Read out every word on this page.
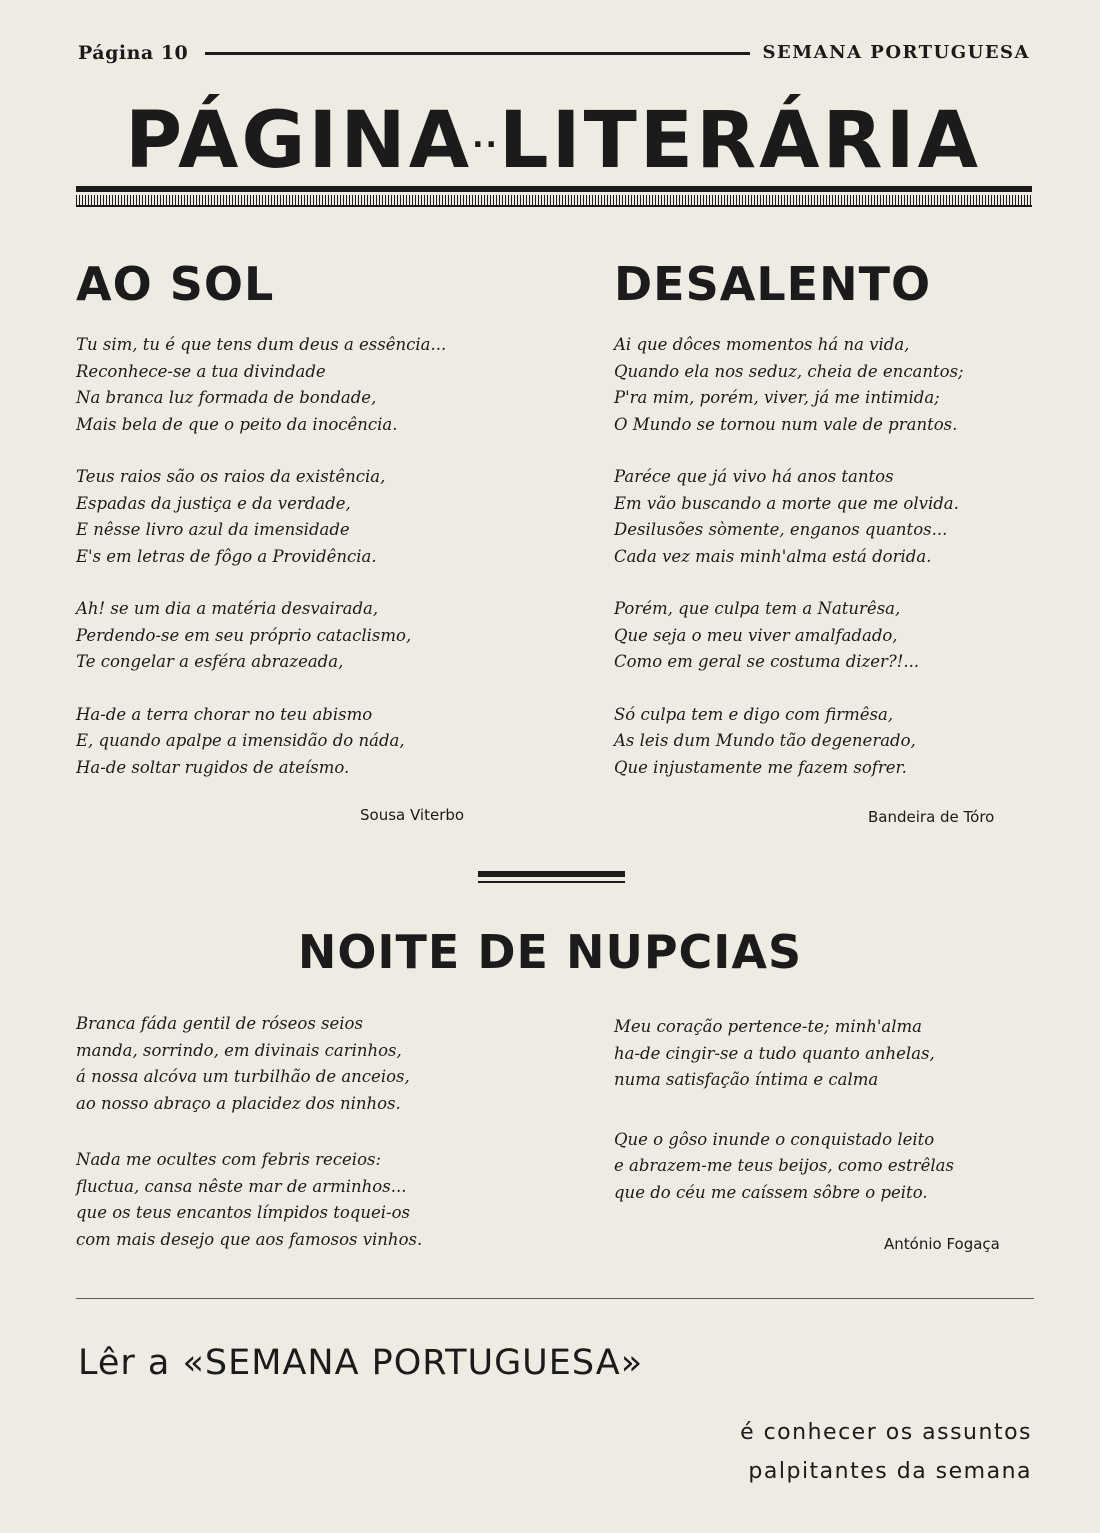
Página 10	SEMANA PORTUGUESA
PÁGINA··LITERÁRIA
AO SOL
Tu sim, tu é que tens dum deus a essência...
Reconhece-se a tua divindade
Na branca luz formada de bondade,
Mais bela de que o peito da inocência.
Teus raios são os raios da existência,
Espadas da justiça e da verdade,
E nêsse livro azul da imensidade
E's em letras de fôgo a Providência.
Ah! se um dia a matéria desvairada,
Perdendo-se em seu próprio cataclismo,
Te congelar a esféra abrazeada,
Ha-de a terra chorar no teu abismo
E, quando apalpe a imensidão do náda,
Ha-de soltar rugidos de ateísmo.
Sousa Viterbo
DESALENTO
Ai que dôces momentos há na vida,
Quando ela nos seduz, cheia de encantos;
P'ra mim, porém, viver, já me intimida;
O Mundo se tornou num vale de prantos.
Paréce que já vivo há anos tantos
Em vão buscando a morte que me olvida.
Desilusões sòmente, enganos quantos...
Cada vez mais minh'alma está dorida.
Porém, que culpa tem a Naturêsa,
Que seja o meu viver amalfadado,
Como em geral se costuma dizer?!...
Só culpa tem e digo com firmêsa,
As leis dum Mundo tão degenerado,
Que injustamente me fazem sofrer.
Bandeira de Tóro
NOITE DE NUPCIAS
Branca fáda gentil de róseos seios
manda, sorrindo, em divinais carinhos,
á nossa alcóva um turbilhão de anceios,
ao nosso abraço a placidez dos ninhos.
Nada me ocultes com febris receios:
fluctua, cansa nêste mar de arminhos...
que os teus encantos límpidos toquei-os
com mais desejo que aos famosos vinhos.
Meu coração pertence-te; minh'alma
ha-de cingir-se a tudo quanto anhelas,
numa satisfação íntima e calma
Que o gôso inunde o conquistado leito
e abrazem-me teus beijos, como estrêlas
que do céu me caíssem sôbre o peito.
António Fogaça
Lêr a «SEMANA PORTUGUESA»
é conhecer os assuntos
palpitantes da semana
